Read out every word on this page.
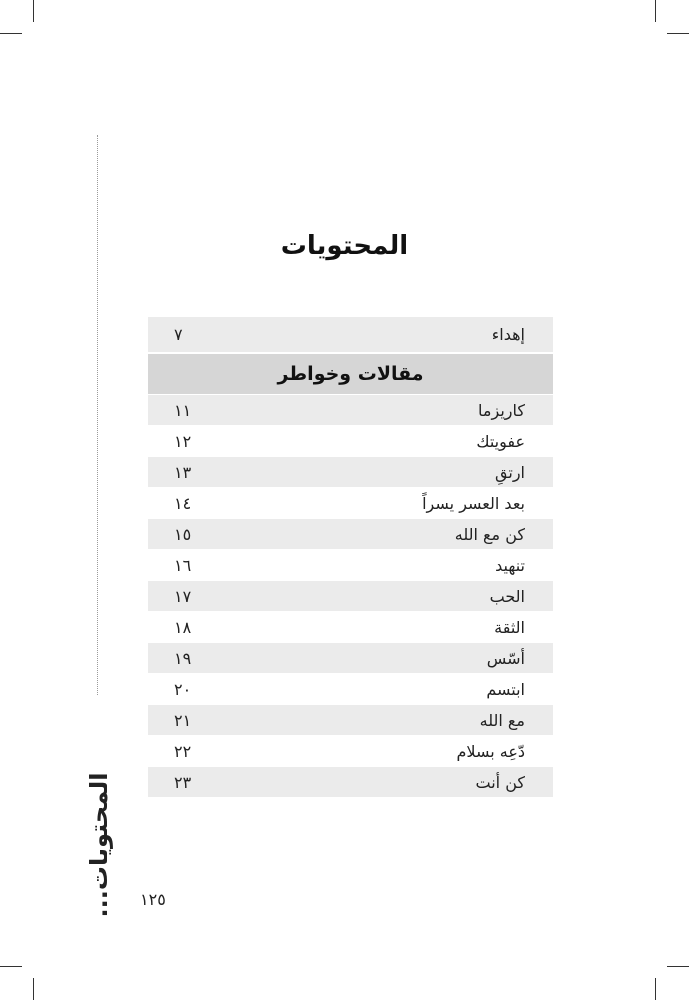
المحتويات...
المحتويات
إهداء
٧
مقالات وخواطر
كاريزما
١١
عفويتك
١٢
ارتقِ
١٣
بعد العسر يسراً
١٤
كن مع الله
١٥
تنهيد
١٦
الحب
١٧
الثقة
١٨
أسّس
١٩
ابتسم
٢٠
مع الله
٢١
دّعِه بسلام
٢٢
كن أنت
٢٣
١٢٥
